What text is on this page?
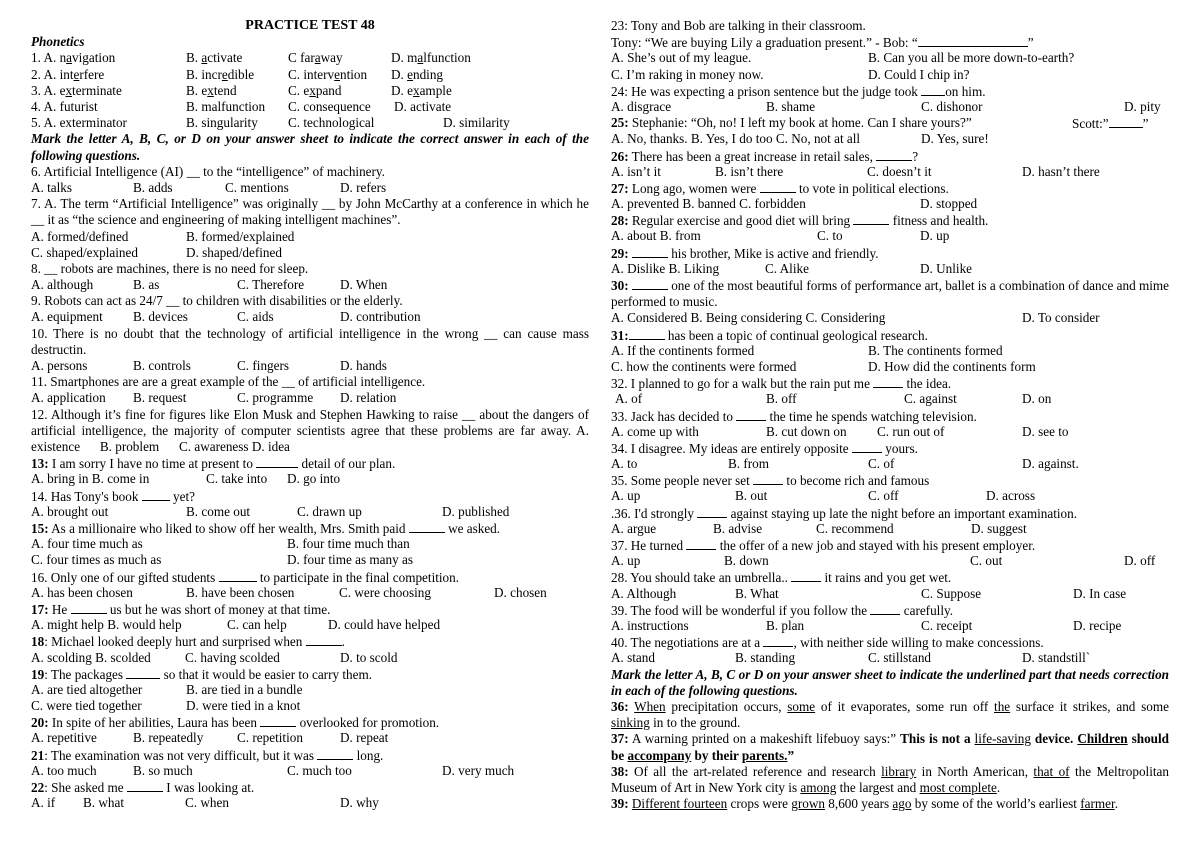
PRACTICE TEST 48
Phonetics
1. A. navigation	B. activate	C faraway	D. malfunction
2. A. interfere	B. incredible	C. intervention D. ending
3. A. exterminate	B. extend	C. expand	D. example
4. A. futurist	B. malfunction C. consequence D. activate
5. A. exterminator	B. singularity C. technological	D. similarity
Mark the letter A, B, C, or D on your answer sheet to indicate the correct answer in each of the following questions.
6. Artificial Intelligence (AI) __ to the “intelligence” of machinery.
A. talks	B. adds	C. mentions	D. refers
7. A. The term “Artificial Intelligence” was originally __ by John McCarthy at a conference in which he __ it as “the science and engineering of making intelligent machines”.
A. formed/defined	B. formed/explained
C. shaped/explained	D. shaped/defined
8. __ robots are machines, there is no need for sleep.
A. although	B. as	C. Therefore	D. When
9. Robots can act as 24/7 __ to children with disabilities or the elderly.
A. equipment B. devices	C. aids	D. contribution
10. There is no doubt that the technology of artificial intelligence in the wrong __ can cause mass destructin.
A. persons	B. controls	C. fingers	D. hands
11. Smartphones are are a great example of the __ of artificial intelligence.
A. application B. request	C. programme D. relation
12. Although it’s fine for figures like Elon Musk and Stephen Hawking to raise __ about the dangers of artificial intelligence, the majority of computer scientists agree that these problems are far away. A. existence      B. problem      C. awareness D. idea
13: I am sorry I have no time at present to	detail of our plan.
A. bring in B. come in	C. take into D. go into
14. Has Tony's book  yet?
A. brought out	B. come out	C. drawn up	D. published
15: As a millionaire who liked to show off her wealth, Mrs. Smith paid	we asked.
A. four time much as	B. four time much than
C. four times as much as	D. four time as many as
16. Only one of our gifted students	to participate in the final competition.
A. has been chosen	B. have been chosen	C. were choosing	D. chosen
17: He	us but he was short of money at that time.
A. might help B. would help	C. can help	D. could have helped
18: Michael looked deeply hurt and surprised when	.
A. scolding B. scolded	C. having scolded	D. to scold
19: The packages	so that it would be easier to carry them.
A. are tied altogether	B. are tied in a bundle
C. were tied together	D. were tied in a knot
20: In spite of her abilities, Laura has been	overlooked for promotion.
A. repetitive	B. repeatedly	C. repetition	D. repeat
21: The examination was not very difficult, but it was	long.
A. too much	B. so much	C. much too	D. very much
22: She asked me	I was looking at.
A. if B. what	C. when	D. why
23: Tony and Bob are talking in their classroom.
Tony: “We are buying Lily a graduation present.” - Bob: “	”
A. She’s out of my league.	B. Can you all be more down-to-earth?
C. I’m raking in money now.	D. Could I chip in?
24: He was expecting a prison sentence but the judge took on him.
A. disgrace	B. shame	C. dishonor	D. pity
25: Stephanie: “Oh, no! I left my book at home. Can I share yours?”	Scott:”	”
A. No, thanks. B. Yes, I do too C. No, not at all	D. Yes, sure!
26: There has been a great increase in retail sales,	?
A. isn’t it	B. isn’t there	C. doesn’t it	D. hasn’t there
27: Long ago, women were	to vote in political elections.
A. prevented B. banned C. forbidden	D. stopped
28: Regular exercise and good diet will bring	fitness and health.
A. about B. from	C. to	D. up
29:	his brother, Mike is active and friendly.
A. Dislike B. Liking	C. Alike	D. Unlike
30:	one of the most beautiful forms of performance art, ballet is a combination of dance and mime performed to music.
A. Considered B. Being considering C. Considering	D. To consider
31:	has been a topic of continual geological research.
A. If the continents formed	B. The continents formed
C. how the continents were formed	D. How did the continents form
32. I planned to go for a walk but the rain put me  the idea.
A. of	B. off	C. against	D. on
33. Jack has decided to  the time he spends watching television.
A. come up with	B. cut down on C. run out of	D. see to
34. I disagree. My ideas are entirely opposite  yours.
A. to	B. from	C. of	D. against.
35. Some people never set  to become rich and famous
A. up	B. out	C. off	D. across
.36. I'd strongly  against staying up late the night before an important examination.
A. argue	B. advise	C. recommend	D. suggest
37. He turned  the offer of a new job and stayed with his present employer.
A. up	B. down	C. out	D. off
28. You should take an umbrella..  it rains and you get wet.
A. Although	B. What	C. Suppose	D. In case
39. The food will be wonderful if you follow the  carefully.
A. instructions	B. plan	C. receipt	D. recipe
40. The negotiations are at a , with neither side willing to make concessions.
A. stand	B. standing	C. stillstand	D. standstill`
Mark the letter A, B, C or D on your answer sheet to indicate the underlined part that needs correction in each of the following questions.
36: When precipitation occurs, some of it evaporates, some run off the surface it strikes, and some sinking in to the ground.
37: A warning printed on a makeshift lifebuoy says:” This is not a life-saving device. Children should be accompany by their parents.”
38: Of all the art-related reference and research library in North American, that of the Meltropolitan Museum of Art in New York city is among the largest and most complete.
39: Different fourteen crops were grown 8,600 years ago by some of the world’s earliest farmer.
